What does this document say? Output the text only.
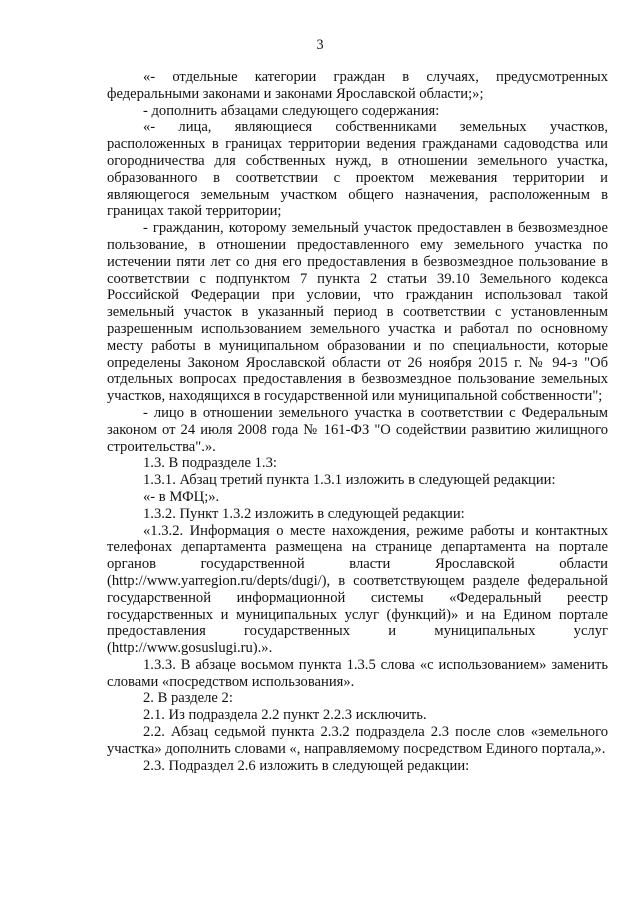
3

«- отдельные категории граждан в случаях, предусмотренных федеральными законами и законами Ярославской области;»;

- дополнить абзацами следующего содержания:

«- лица, являющиеся собственниками земельных участков, расположенных в границах территории ведения гражданами садоводства или огородничества для собственных нужд, в отношении земельного участка, образованного в соответствии с проектом межевания территории и являющегося земельным участком общего назначения, расположенным в границах такой территории;

- гражданин, которому земельный участок предоставлен в безвозмездное пользование, в отношении предоставленного ему земельного участка по истечении пяти лет со дня его предоставления в безвозмездное пользование в соответствии с подпунктом 7 пункта 2 статьи 39.10 Земельного кодекса Российской Федерации при условии, что гражданин использовал такой земельный участок в указанный период в соответствии с установленным разрешенным использованием земельного участка и работал по основному месту работы в муниципальном образовании и по специальности, которые определены Законом Ярославской области от 26 ноября 2015 г. № 94-з "Об отдельных вопросах предоставления в безвозмездное пользование земельных участков, находящихся в государственной или муниципальной собственности";

- лицо в отношении земельного участка в соответствии с Федеральным законом от 24 июля 2008 года № 161-ФЗ "О содействии развитию жилищного строительства".».

1.3. В подразделе 1.3:

1.3.1. Абзац третий пункта 1.3.1 изложить в следующей редакции:

«- в МФЦ;».

1.3.2. Пункт 1.3.2 изложить в следующей редакции:

«1.3.2. Информация о месте нахождения, режиме работы и контактных телефонах департамента размещена на странице департамента на портале органов государственной власти Ярославской области (http://www.yarregion.ru/depts/dugi/), в соответствующем разделе федеральной государственной информационной системы «Федеральный реестр государственных и муниципальных услуг (функций)» и на Едином портале предоставления государственных и муниципальных услуг (http://www.gosuslugi.ru).».

1.3.3. В абзаце восьмом пункта 1.3.5 слова «с использованием» заменить словами «посредством использования».

2. В разделе 2:

2.1. Из подраздела 2.2 пункт 2.2.3 исключить.

2.2. Абзац седьмой пункта 2.3.2 подраздела 2.3 после слов «земельного участка» дополнить словами «, направляемому посредством Единого портала,».

2.3. Подраздел 2.6 изложить в следующей редакции:
